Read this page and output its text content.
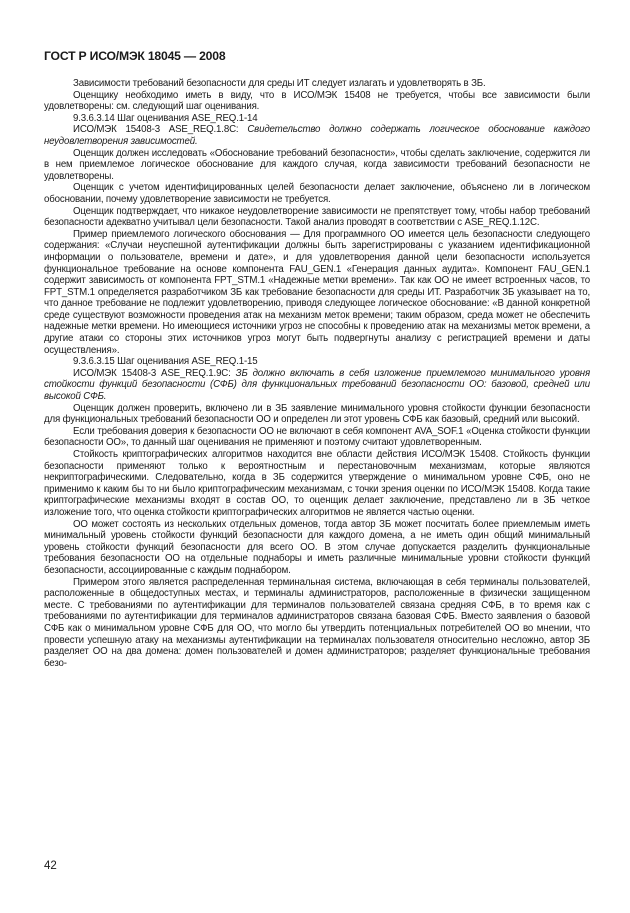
ГОСТ Р ИСО/МЭК 18045 — 2008

Зависимости требований безопасности для среды ИТ следует излагать и удовлетворять в ЗБ.

Оценщику необходимо иметь в виду, что в ИСО/МЭК 15408 не требуется, чтобы все зависимости были удовлетворены: см. следующий шаг оценивания.

9.3.6.3.14 Шаг оценивания ASE_REQ.1-14

ИСО/МЭК 15408-3 ASE_REQ.1.8C: Свидетельство должно содержать логическое обоснование каждого неудовлетворения зависимостей.

Оценщик должен исследовать «Обоснование требований безопасности», чтобы сделать заключение, содержится ли в нем приемлемое логическое обоснование для каждого случая, когда зависимости требований безопасности не удовлетворены.

Оценщик с учетом идентифицированных целей безопасности делает заключение, объяснено ли в логическом обосновании, почему удовлетворение зависимости не требуется.

Оценщик подтверждает, что никакое неудовлетворение зависимости не препятствует тому, чтобы набор требований безопасности адекватно учитывал цели безопасности. Такой анализ проводят в соответствии с ASE_REQ.1.12C.

Пример приемлемого логического обоснования — Для программного ОО имеется цель безопасности следующего содержания: «Случаи неуспешной аутентификации должны быть зарегистрированы с указанием идентификационной информации о пользователе, времени и дате», и для удовлетворения данной цели безопасности используется функциональное требование на основе компонента FAU_GEN.1 «Генерация данных аудита». Компонент FAU_GEN.1 содержит зависимость от компонента FPT_STM.1 «Надежные метки времени». Так как ОО не имеет встроенных часов, то FPT_STM.1 определяется разработчиком ЗБ как требование безопасности для среды ИТ. Разработчик ЗБ указывает на то, что данное требование не подлежит удовлетворению, приводя следующее логическое обоснование: «В данной конкретной среде существуют возможности проведения атак на механизм меток времени; таким образом, среда может не обеспечить надежные метки времени. Но имеющиеся источники угроз не способны к проведению атак на механизмы меток времени, а другие атаки со стороны этих источников угроз могут быть подвергнуты анализу с регистрацией времени и даты осуществления».

9.3.6.3.15 Шаг оценивания ASE_REQ.1-15

ИСО/МЭК 15408-3 ASE_REQ.1.9C: ЗБ должно включать в себя изложение приемлемого минимального уровня стойкости функций безопасности (СФБ) для функциональных требований безопасности ОО: базовой, средней или высокой СФБ.

Оценщик должен проверить, включено ли в ЗБ заявление минимального уровня стойкости функции безопасности для функциональных требований безопасности ОО и определен ли этот уровень СФБ как базовый, средний или высокий.

Если требования доверия к безопасности ОО не включают в себя компонент AVA_SOF.1 «Оценка стойкости функции безопасности ОО», то данный шаг оценивания не применяют и поэтому считают удовлетворенным.

Стойкость криптографических алгоритмов находится вне области действия ИСО/МЭК 15408. Стойкость функции безопасности применяют только к вероятностным и перестановочным механизмам, которые являются некриптографическими. Следовательно, когда в ЗБ содержится утверждение о минимальном уровне СФБ, оно не применимо к каким бы то ни было криптографическим механизмам, с точки зрения оценки по ИСО/МЭК 15408. Когда такие криптографические механизмы входят в состав ОО, то оценщик делает заключение, представлено ли в ЗБ четкое изложение того, что оценка стойкости криптографических алгоритмов не является частью оценки.

ОО может состоять из нескольких отдельных доменов, тогда автор ЗБ может посчитать более приемлемым иметь минимальный уровень стойкости функций безопасности для каждого домена, а не иметь один общий минимальный уровень стойкости функций безопасности для всего ОО. В этом случае допускается разделить функциональные требования безопасности ОО на отдельные поднаборы и иметь различные минимальные уровни стойкости функций безопасности, ассоциированные с каждым поднабором.

Примером этого является распределенная терминальная система, включающая в себя терминалы пользователей, расположенные в общедоступных местах, и терминалы администраторов, расположенные в физически защищенном месте. С требованиями по аутентификации для терминалов пользователей связана средняя СФБ, в то время как с требованиями по аутентификации для терминалов администраторов связана базовая СФБ. Вместо заявления о базовой СФБ как о минимальном уровне СФБ для ОО, что могло бы утвердить потенциальных потребителей ОО во мнении, что провести успешную атаку на механизмы аутентификации на терминалах пользователя относительно несложно, автор ЗБ разделяет ОО на два домена: домен пользователей и домен администраторов; разделяет функциональные требования безо-

42
